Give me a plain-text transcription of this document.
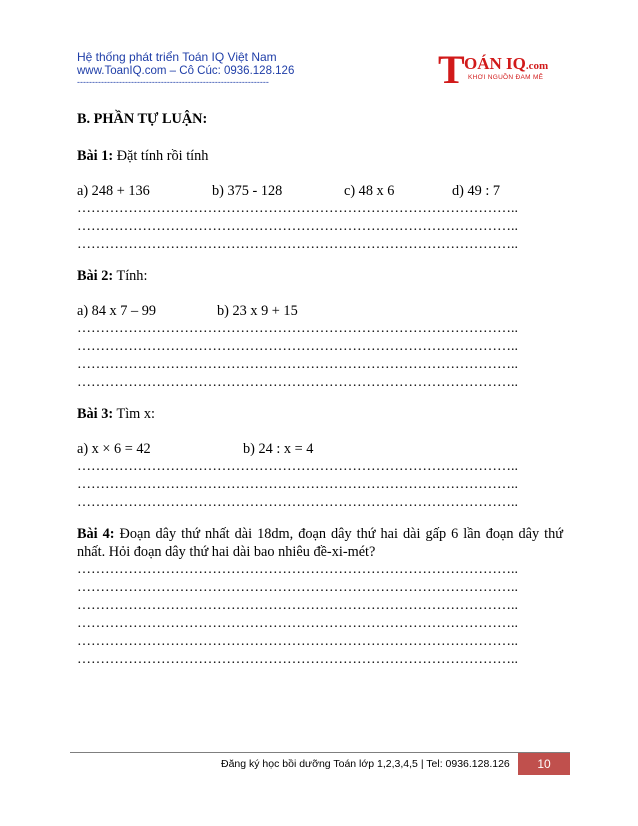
Hệ thống phát triển Toán IQ Việt Nam
www.ToanIQ.com – Cô Cúc: 0936.128.126
----------------------------------------------------------------	T OÁN IQ.com
KHƠI NGUỒN ĐAM MÊ
B. PHẦN TỰ LUẬN:
Bài 1: Đặt tính rồi tính
a) 248 + 136	b) 375 - 128	c) 48 x 6	d) 49 : 7
…………………………………………………………………………………..
…………………………………………………………………………………..
…………………………………………………………………………………..
Bài 2: Tính:
a) 84 x 7 – 99	b) 23 x 9 + 15
…………………………………………………………………………………..
…………………………………………………………………………………..
…………………………………………………………………………………..
…………………………………………………………………………………..
Bài 3: Tìm x:
a) x × 6 = 42	b) 24 : x = 4
…………………………………………………………………………………..
…………………………………………………………………………………..
…………………………………………………………………………………..
Bài 4: Đoạn dây thứ nhất dài 18dm, đoạn dây thứ hai dài gấp 6 lần đoạn dây thứ nhất. Hỏi đoạn dây thứ hai dài bao nhiêu đề-xi-mét?
…………………………………………………………………………………..
…………………………………………………………………………………..
…………………………………………………………………………………..
…………………………………………………………………………………..
…………………………………………………………………………………..
…………………………………………………………………………………..
Đăng ký học bồi dưỡng Toán lớp 1,2,3,4,5 | Tel: 0936.128.126	10
